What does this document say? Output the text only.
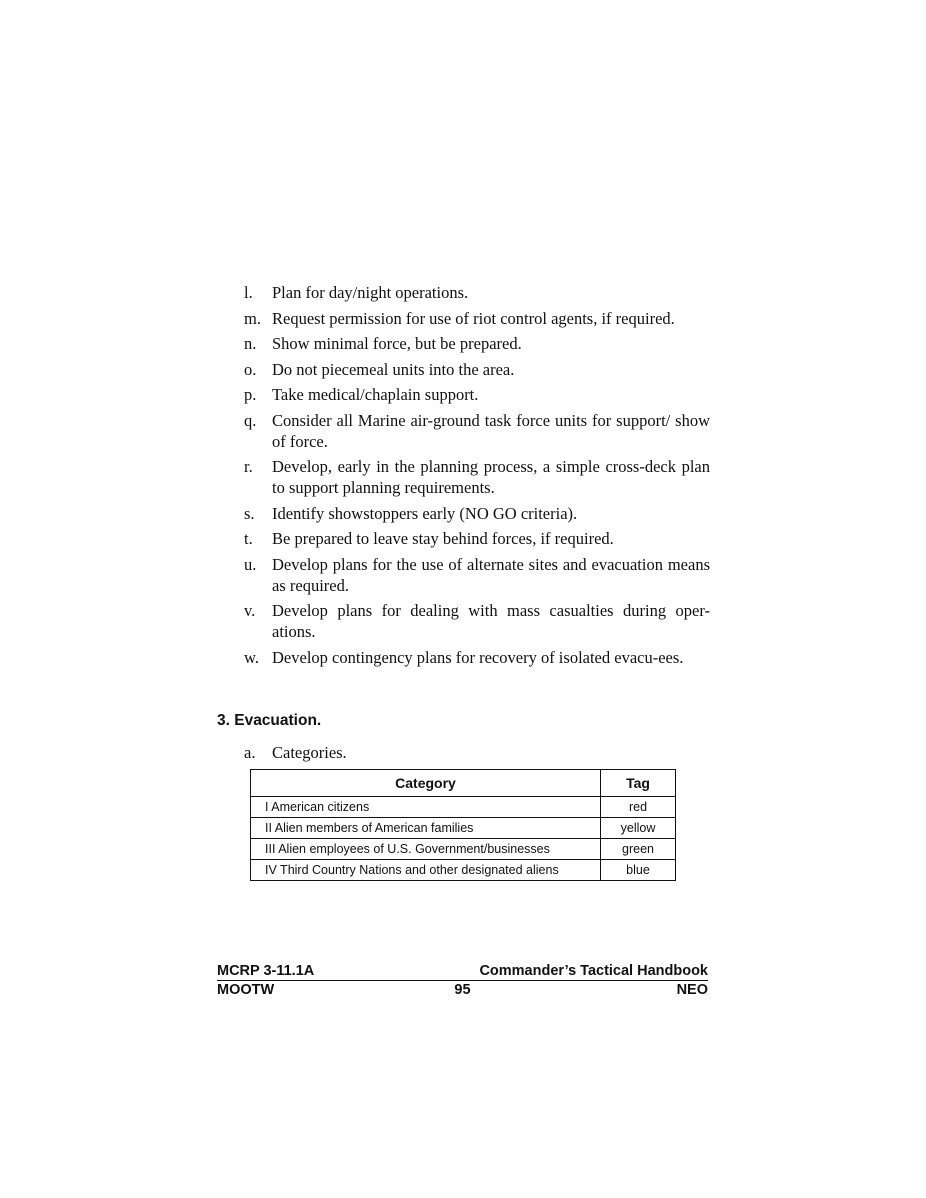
l.	Plan for day/night operations.
m. Request permission for use of riot control agents, if required.
n. Show minimal force, but be prepared.
o. Do not piecemeal units into the area.
p. Take medical/chaplain support.
q. Consider all Marine air-ground task force units for support/ show of force.
r.	Develop, early in the planning process, a simple cross-deck plan to support planning requirements.
s.	Identify showstoppers early (NO GO criteria).
t.	Be prepared to leave stay behind forces, if required.
u. Develop plans for the use of alternate sites and evacuation means as required.
v.	Develop plans for dealing with mass casualties during oper-ations.
w. Develop contingency plans for recovery of isolated evacu-ees.
3. Evacuation.
a.	Categories.
Category	Tag
I American citizens	red
II Alien members of American families	yellow
III Alien employees of U.S. Government/businesses	green
IV Third Country Nations and other designated aliens	blue
MCRP 3-11.1A	Commander’s Tactical Handbook
MOOTW	95	NEO
